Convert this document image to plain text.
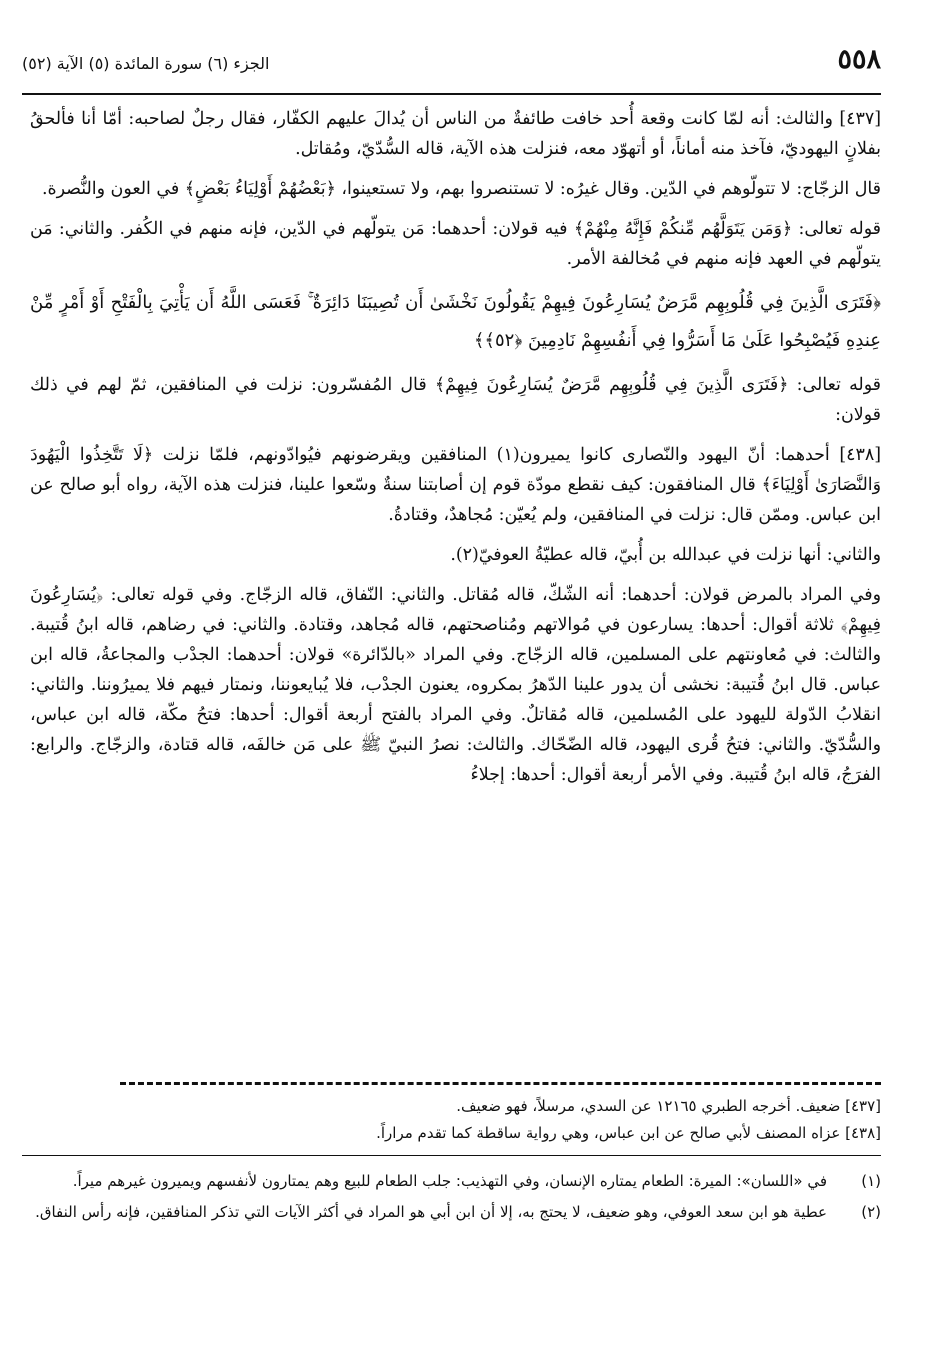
٥٥٨
الجزء (٦) سورة المائدة (٥) الآية (٥٢)

[٤٣٧] والثالث: أنه لمّا كانت وقعة أُحد خافت طائفةٌ من الناس أن يُدالَ عليهم الكفّار، فقال رجلٌ لصاحبه: أمّا أنا فألحقُ بفلانٍ اليهوديّ، فآخذ منه أماناً، أو أتهوّد معه، فنزلت هذه الآية، قاله السُّدّيّ، ومُقاتل.

قال الزجّاج: لا تتولّوهم في الدّين. وقال غيرُه: لا تستنصروا بهم، ولا تستعينوا، ﴿بَعْضُهُمْ أَوْلِيَاءُ بَعْضٍ﴾ في العون والنُّصرة.

قوله تعالى: ﴿وَمَن يَتَوَلَّهُم مِّنكُمْ فَإِنَّهُ مِنْهُمْ﴾ فيه قولان: أحدهما: مَن يتولّهم في الدّين، فإنه منهم في الكُفر. والثاني: مَن يتولّهم في العهد فإنه منهم في مُخالفة الأمر.

﴿فَتَرَى الَّذِينَ فِي قُلُوبِهِم مَّرَضٌ يُسَارِعُونَ فِيهِمْ يَقُولُونَ نَخْشَىٰ أَن تُصِيبَنَا دَائِرَةٌ ۚ فَعَسَى اللَّهُ أَن يَأْتِيَ بِالْفَتْحِ أَوْ أَمْرٍ مِّنْ عِندِهِ فَيُصْبِحُوا عَلَىٰ مَا أَسَرُّوا فِي أَنفُسِهِمْ نَادِمِينَ ﴿٥٢﴾﴾

قوله تعالى: ﴿فَتَرَى الَّذِينَ فِي قُلُوبِهِم مَّرَضٌ يُسَارِعُونَ فِيهِمْ﴾ قال المُفسّرون: نزلت في المنافقين، ثمّ لهم في ذلك قولان:

[٤٣٨] أحدهما: أنّ اليهود والنّصارى كانوا يميرون(١) المنافقين ويقرضونهم فيُوادّونهم، فلمّا نزلت ﴿لَا تَتَّخِذُوا الْيَهُودَ وَالنَّصَارَىٰ أَوْلِيَاءَ﴾ قال المنافقون: كيف نقطع مودّة قوم إن أصابتنا سنةٌ وسّعوا علينا، فنزلت هذه الآية، رواه أبو صالح عن ابن عباس. وممّن قال: نزلت في المنافقين، ولم يُعيّن: مُجاهدٌ، وقتادةُ.

والثاني: أنها نزلت في عبدالله بن أُبيّ، قاله عطيّةُ العوفيّ(٢).

وفي المراد بالمرض قولان: أحدهما: أنه الشّكّ، قاله مُقاتل. والثاني: النّفاق، قاله الزجّاج. وفي قوله تعالى: ﴿يُسَارِعُونَ فِيهِمْ﴾ ثلاثة أقوال: أحدها: يسارعون في مُوالاتهم ومُناصحتهم، قاله مُجاهد، وقتادة. والثاني: في رضاهم، قاله ابنُ قُتيبة. والثالث: في مُعاونتهم على المسلمين، قاله الزجّاج. وفي المراد «بالدّائرة» قولان: أحدهما: الجدْب والمجاعةُ، قاله ابن عباس. قال ابنُ قُتيبة: نخشى أن يدور علينا الدّهرُ بمكروه، يعنون الجدْب، فلا يُبايعوننا، ونمتار فيهم فلا يميرُوننا. والثاني: انقلابُ الدّولة لليهود على المُسلمين، قاله مُقاتلٌ. وفي المراد بالفتح أربعة أقوال: أحدها: فتحُ مكّة، قاله ابن عباس، والسُّدّيّ. والثاني: فتحُ قُرى اليهود، قاله الضّحّاك. والثالث: نصرُ النبيّ ﷺ على مَن خالفَه، قاله قتادة، والزجّاج. والرابع: الفرَجُ، قاله ابنُ قُتيبة. وفي الأمر أربعة أقوال: أحدها: إجلاءُ

[٤٣٧] ضعيف. أخرجه الطبري ١٢١٦٥ عن السدي، مرسلاً، فهو ضعيف.
[٤٣٨] عزاه المصنف لأبي صالح عن ابن عباس، وهي رواية ساقطة كما تقدم مراراً.
(١)
في «اللسان»: الميرة: الطعام يمتاره الإنسان، وفي التهذيب: جلب الطعام للبيع وهم يمتارون لأنفسهم ويميرون غيرهم ميراً.
(٢)
عطية هو ابن سعد العوفي، وهو ضعيف، لا يحتج به، إلا أن ابن أبي هو المراد في أكثر الآيات التي تذكر المنافقين، فإنه رأس النفاق.
